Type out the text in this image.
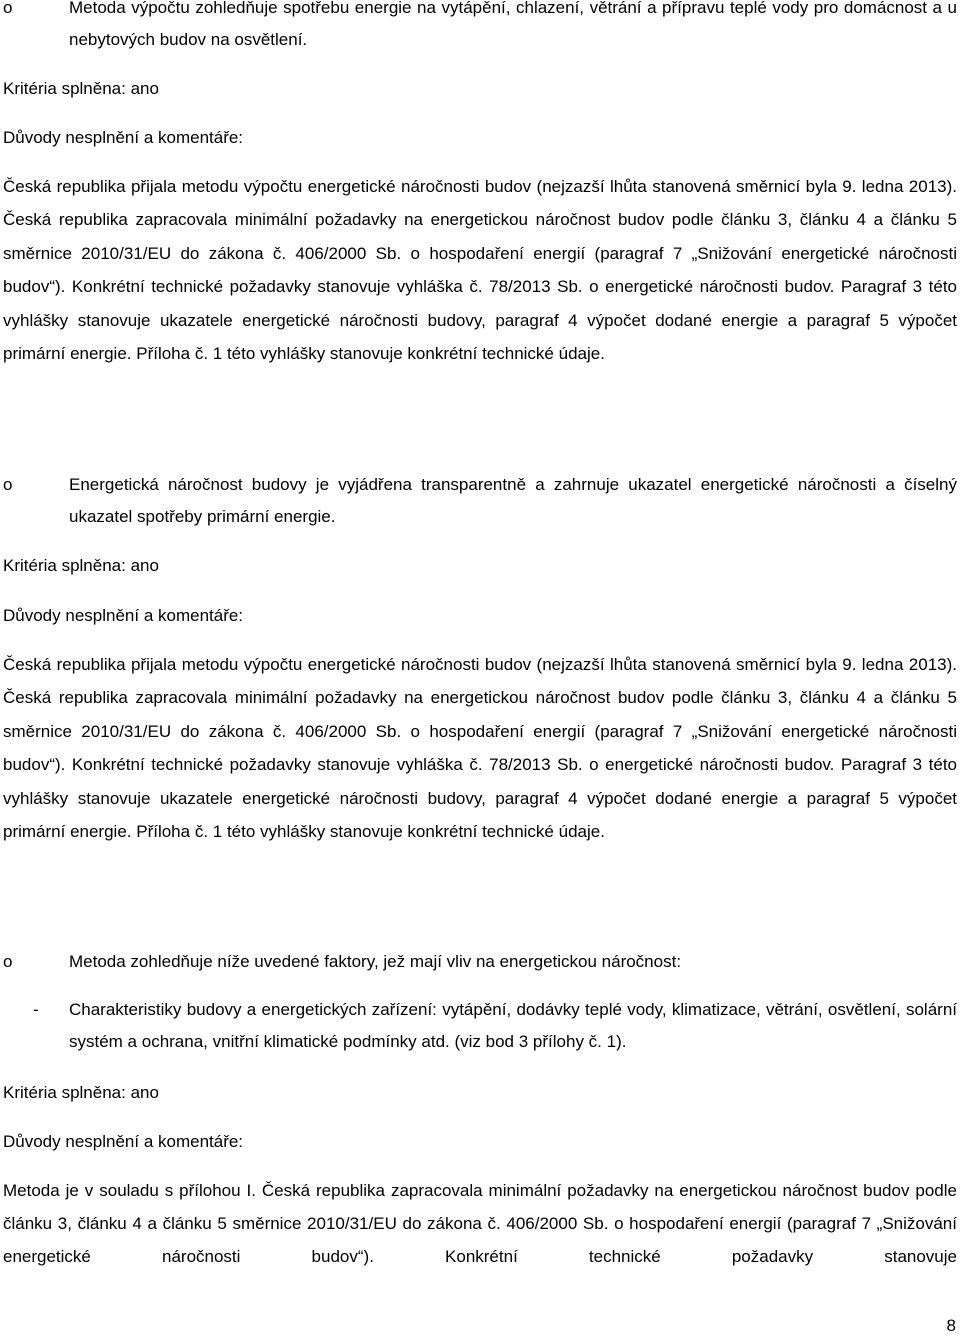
o	Metoda výpočtu zohledňuje spotřebu energie na vytápění, chlazení, větrání a přípravu teplé vody pro domácnost a u nebytových budov na osvětlení.
Kritéria splněna: ano
Důvody nesplnění a komentáře:
Česká republika přijala metodu výpočtu energetické náročnosti budov (nejzazší lhůta stanovená směrnicí byla 9. ledna 2013). Česká republika zapracovala minimální požadavky na energetickou náročnost budov podle článku 3, článku 4 a článku 5 směrnice 2010/31/EU do zákona č. 406/2000 Sb. o hospodaření energií (paragraf 7 „Snižování energetické náročnosti budov“). Konkrétní technické požadavky stanovuje vyhláška č. 78/2013 Sb. o energetické náročnosti budov. Paragraf 3 této vyhlášky stanovuje ukazatele energetické náročnosti budovy, paragraf 4 výpočet dodané energie a paragraf 5 výpočet primární energie. Příloha č. 1 této vyhlášky stanovuje konkrétní technické údaje.
o	Energetická náročnost budovy je vyjádřena transparentně a zahrnuje ukazatel energetické náročnosti a číselný ukazatel spotřeby primární energie.
Kritéria splněna: ano
Důvody nesplnění a komentáře:
Česká republika přijala metodu výpočtu energetické náročnosti budov (nejzazší lhůta stanovená směrnicí byla 9. ledna 2013). Česká republika zapracovala minimální požadavky na energetickou náročnost budov podle článku 3, článku 4 a článku 5 směrnice 2010/31/EU do zákona č. 406/2000 Sb. o hospodaření energií (paragraf 7 „Snižování energetické náročnosti budov“). Konkrétní technické požadavky stanovuje vyhláška č. 78/2013 Sb. o energetické náročnosti budov. Paragraf 3 této vyhlášky stanovuje ukazatele energetické náročnosti budovy, paragraf 4 výpočet dodané energie a paragraf 5 výpočet primární energie. Příloha č. 1 této vyhlášky stanovuje konkrétní technické údaje.
o	Metoda zohledňuje níže uvedené faktory, jež mají vliv na energetickou náročnost:
- Charakteristiky budovy a energetických zařízení: vytápění, dodávky teplé vody, klimatizace, větrání, osvětlení, solární systém a ochrana, vnitřní klimatické podmínky atd. (viz bod 3 přílohy č. 1).
Kritéria splněna: ano
Důvody nesplnění a komentáře:
Metoda je v souladu s přílohou I. Česká republika zapracovala minimální požadavky na energetickou náročnost budov podle článku 3, článku 4 a článku 5 směrnice 2010/31/EU do zákona č. 406/2000 Sb. o hospodaření energií (paragraf 7 „Snižování energetické náročnosti budov“). Konkrétní technické požadavky stanovuje
8
